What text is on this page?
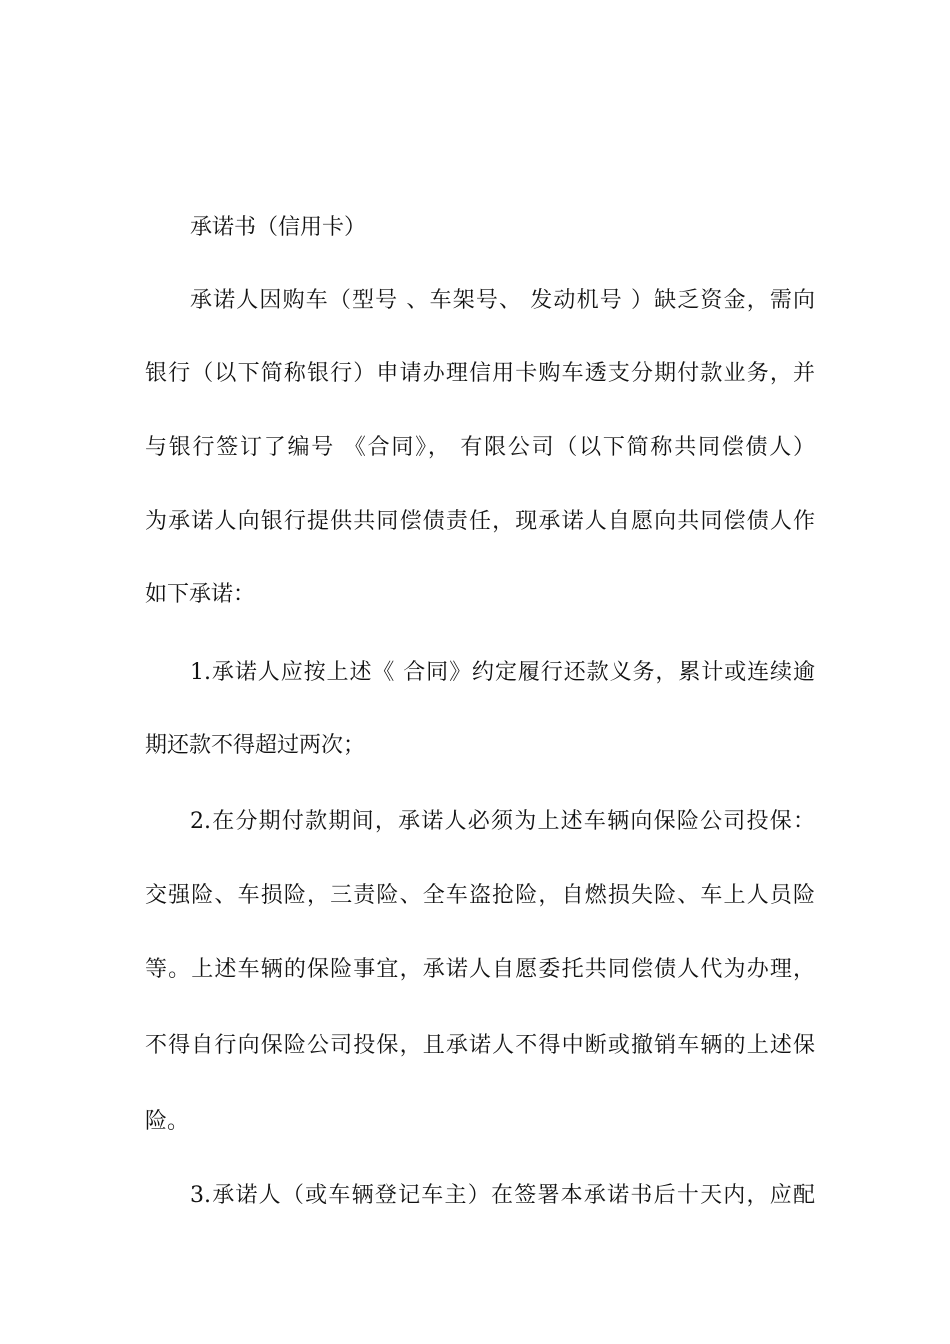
承诺书（信用卡）
承诺人因购车（型号 、车架号、 发动机号 ）缺乏资金，需向
银行（以下简称银行）申请办理信用卡购车透支分期付款业务，并
与银行签订了编号 《合同》， 有限公司（以下简称共同偿债人）
为承诺人向银行提供共同偿债责任，现承诺人自愿向共同偿债人作
如下承诺：
1.承诺人应按上述《 合同》约定履行还款义务，累计或连续逾
期还款不得超过两次；
2.在分期付款期间，承诺人必须为上述车辆向保险公司投保：
交强险、车损险，三责险、全车盗抢险，自燃损失险、车上人员险
等。上述车辆的保险事宜，承诺人自愿委托共同偿债人代为办理，
不得自行向保险公司投保，且承诺人不得中断或撤销车辆的上述保
险。
3.承诺人（或车辆登记车主）在签署本承诺书后十天内，应配
